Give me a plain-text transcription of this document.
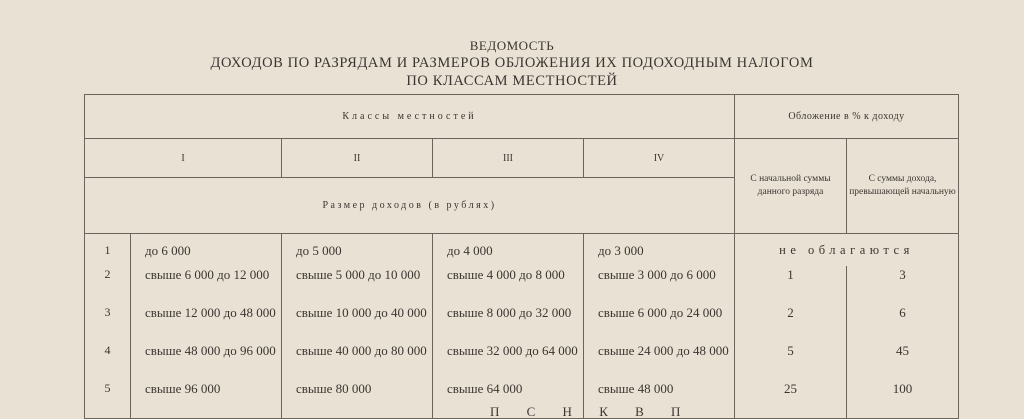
ВЕДОМОСТЬ
ДОХОДОВ ПО РАЗРЯДАМ И РАЗМЕРОВ ОБЛОЖЕНИЯ ИХ ПОДОХОДНЫМ НАЛОГОМ
ПО КЛАССАМ МЕСТНОСТЕЙ
Классы местностей					Обложение в % к доходу	
I		II	III	IV	С начальной суммы данного разряда	С суммы дохода, превышающей начальную
Размер доходов (в рублях)						
1	до 6 000	до 5 000	до 4 000	до 3 000	не облагаются	
2	свыше 6 000 до 12 000	свыше 5 000 до 10 000	свыше 4 000 до 8 000	свыше 3 000 до 6 000	1	3
3	свыше 12 000 до 48 000	свыше 10 000 до 40 000	свыше 8 000 до 32 000	свыше 6 000 до 24 000	2	6
4	свыше 48 000 до 96 000	свыше 40 000 до 80 000	свыше 32 000 до 64 000	свыше 24 000 до 48 000	5	45
5	свыше 96 000	свыше 80 000	свыше 64 000	свыше 48 000	25	100
П С Н К В П
